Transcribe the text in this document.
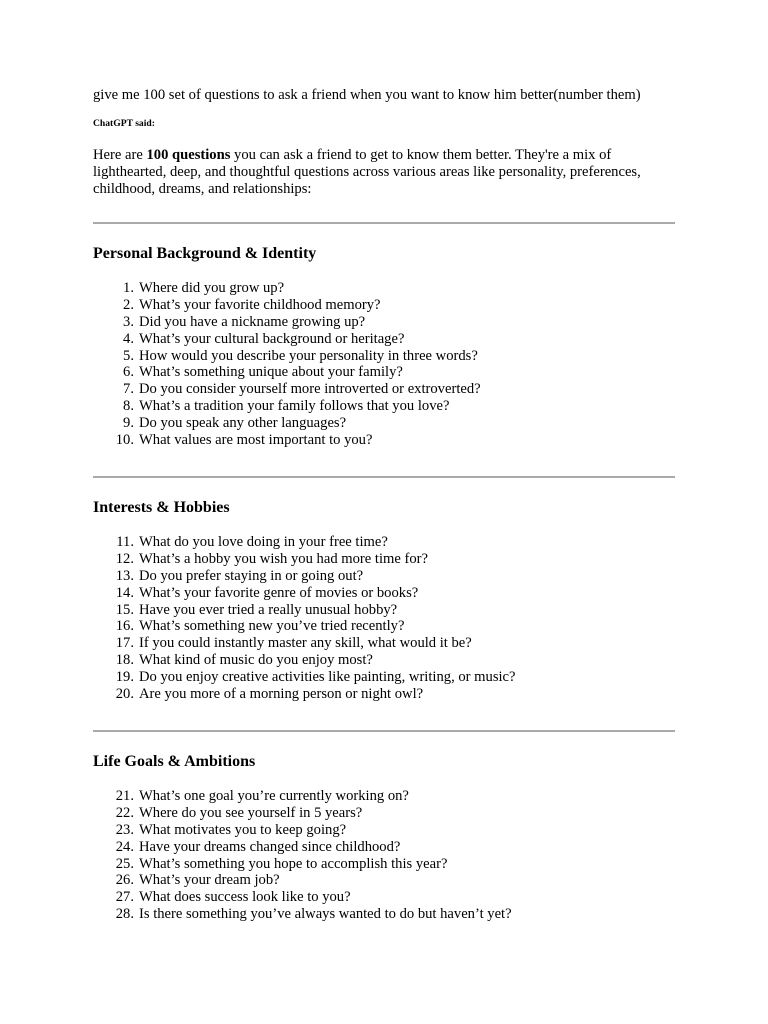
give me 100 set of questions to ask a friend when you want to know him better(number them)

ChatGPT said:

Here are 100 questions you can ask a friend to get to know them better. They're a mix of lighthearted, deep, and thoughtful questions across various areas like personality, preferences, childhood, dreams, and relationships:

Personal Background & Identity
1. Where did you grow up?
2. What’s your favorite childhood memory?
3. Did you have a nickname growing up?
4. What’s your cultural background or heritage?
5. How would you describe your personality in three words?
6. What’s something unique about your family?
7. Do you consider yourself more introverted or extroverted?
8. What’s a tradition your family follows that you love?
9. Do you speak any other languages?
10. What values are most important to you?
Interests & Hobbies
11. What do you love doing in your free time?
12. What’s a hobby you wish you had more time for?
13. Do you prefer staying in or going out?
14. What’s your favorite genre of movies or books?
15. Have you ever tried a really unusual hobby?
16. What’s something new you’ve tried recently?
17. If you could instantly master any skill, what would it be?
18. What kind of music do you enjoy most?
19. Do you enjoy creative activities like painting, writing, or music?
20. Are you more of a morning person or night owl?
Life Goals & Ambitions
21. What’s one goal you’re currently working on?
22. Where do you see yourself in 5 years?
23. What motivates you to keep going?
24. Have your dreams changed since childhood?
25. What’s something you hope to accomplish this year?
26. What’s your dream job?
27. What does success look like to you?
28. Is there something you’ve always wanted to do but haven’t yet?
